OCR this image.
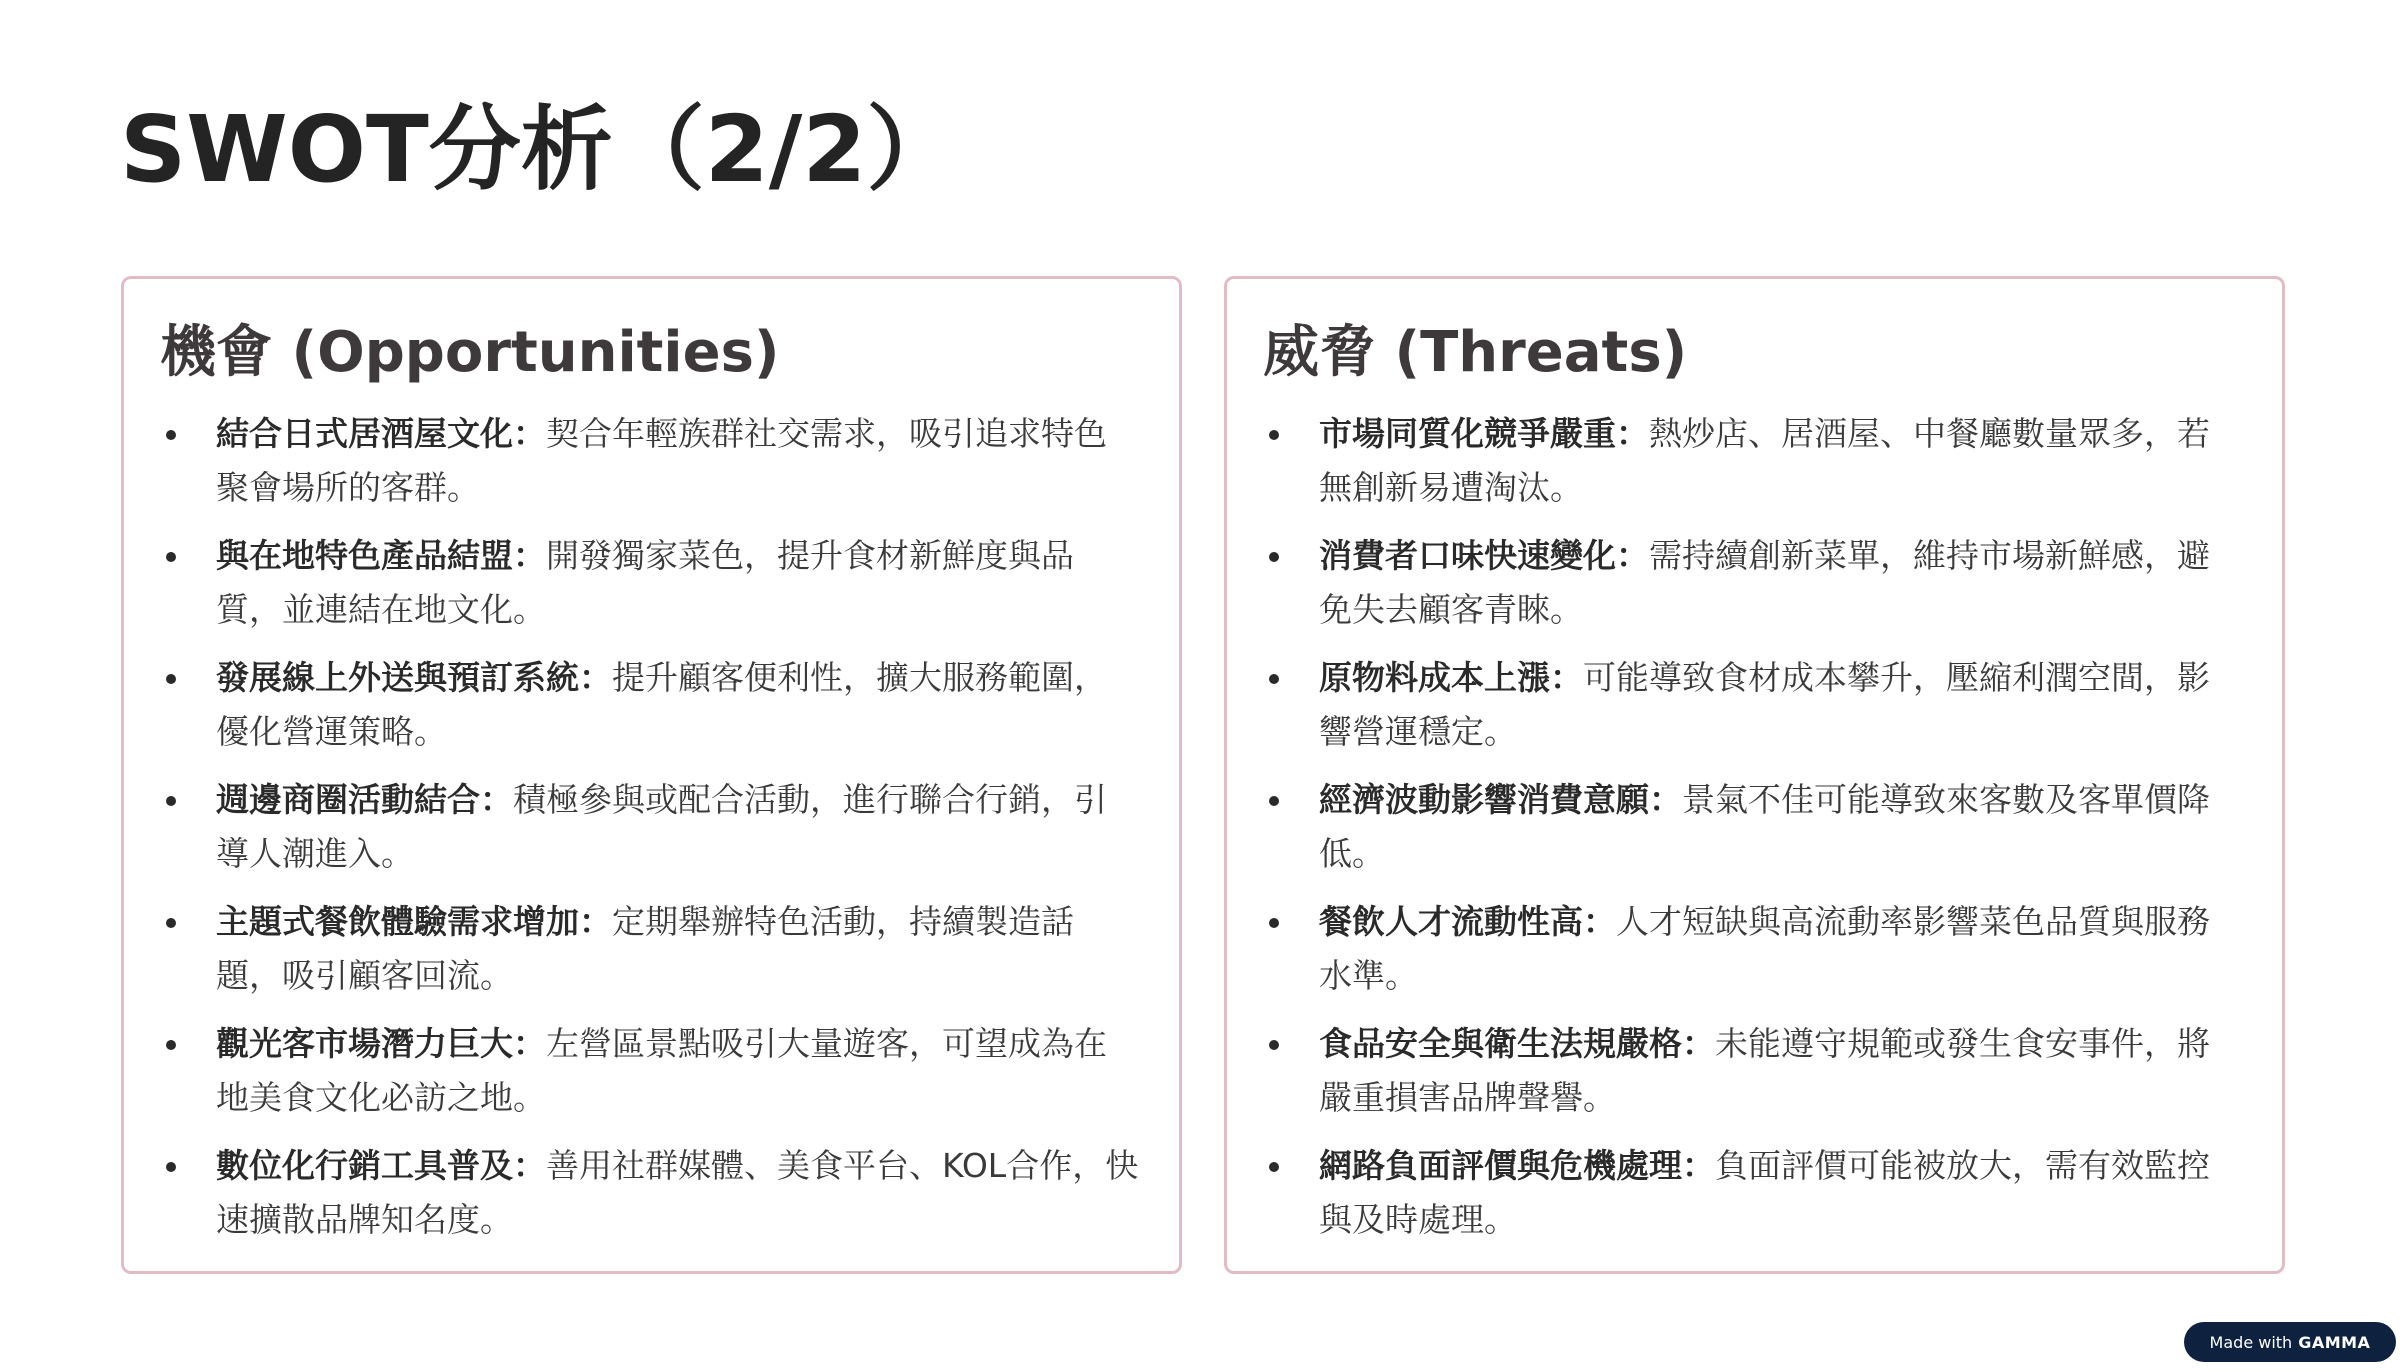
SWOT分析（2/2）
機會 (Opportunities)
結合日式居酒屋文化：契合年輕族群社交需求，吸引追求特色聚會場所的客群。
與在地特色產品結盟：開發獨家菜色，提升食材新鮮度與品質，並連結在地文化。
發展線上外送與預訂系統：提升顧客便利性，擴大服務範圍，優化營運策略。
週邊商圈活動結合：積極參與或配合活動，進行聯合行銷，引導人潮進入。
主題式餐飲體驗需求增加：定期舉辦特色活動，持續製造話題，吸引顧客回流。
觀光客市場潛力巨大：左營區景點吸引大量遊客，可望成為在地美食文化必訪之地。
數位化行銷工具普及：善用社群媒體、美食平台、KOL合作，快速擴散品牌知名度。
威脅 (Threats)
市場同質化競爭嚴重：熱炒店、居酒屋、中餐廳數量眾多，若無創新易遭淘汰。
消費者口味快速變化：需持續創新菜單，維持市場新鮮感，避免失去顧客青睞。
原物料成本上漲：可能導致食材成本攀升，壓縮利潤空間，影響營運穩定。
經濟波動影響消費意願：景氣不佳可能導致來客數及客單價降低。
餐飲人才流動性高：人才短缺與高流動率影響菜色品質與服務水準。
食品安全與衛生法規嚴格：未能遵守規範或發生食安事件，將嚴重損害品牌聲譽。
網路負面評價與危機處理：負面評價可能被放大，需有效監控與及時處理。
Made with GAMMA
